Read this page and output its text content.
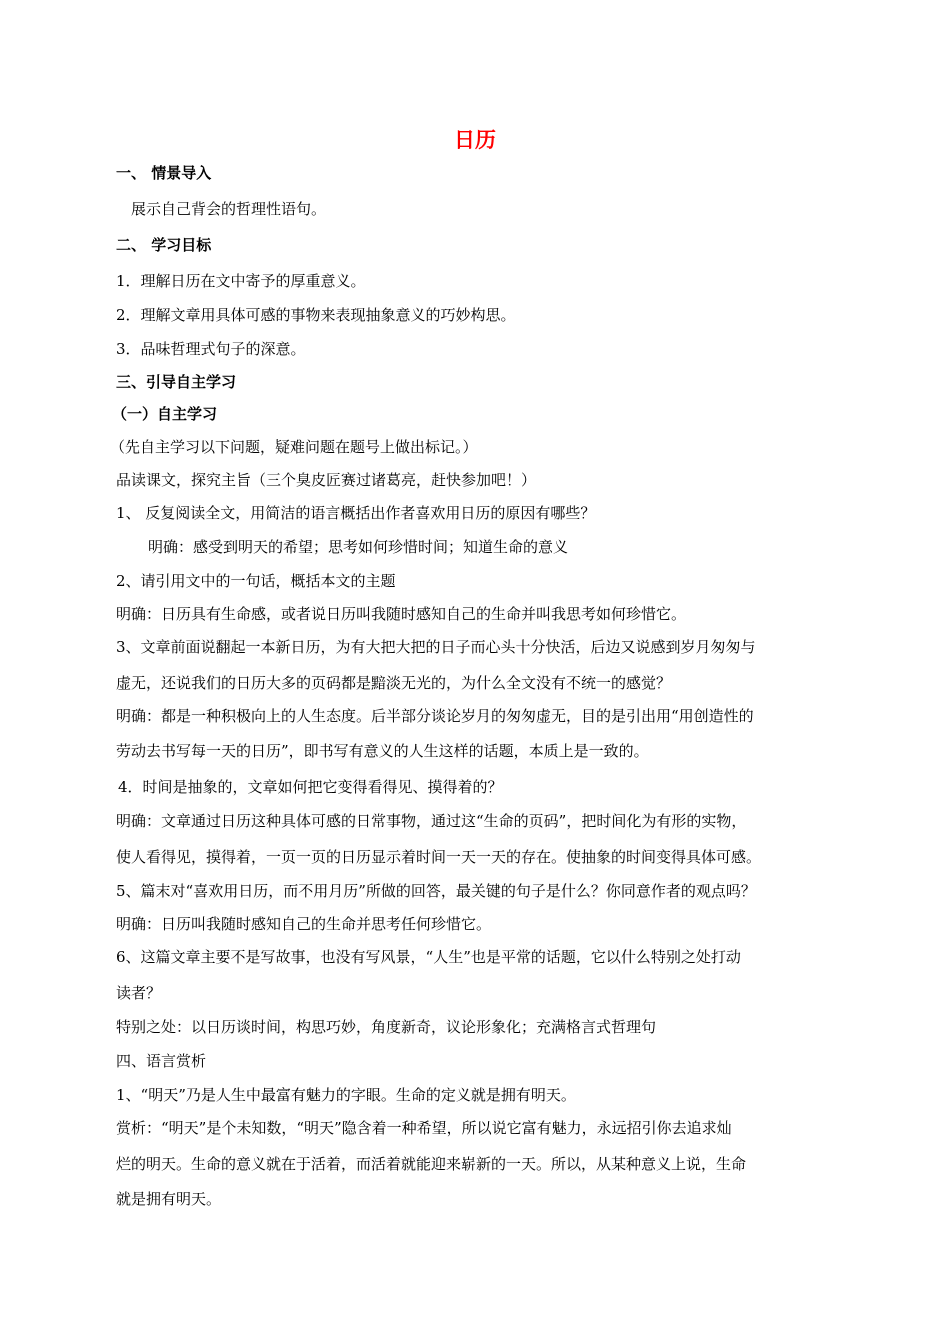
日历
一、 情景导入
展示自己背会的哲理性语句。
二、 学习目标
1．理解日历在文中寄予的厚重意义。
2．理解文章用具体可感的事物来表现抽象意义的巧妙构思。
3．品味哲理式句子的深意。
三、引导自主学习
（一）自主学习
（先自主学习以下问题，疑难问题在题号上做出标记。）
品读课文，探究主旨（三个臭皮匠赛过诸葛亮，赶快参加吧！）
1、 反复阅读全文，用简洁的语言概括出作者喜欢用日历的原因有哪些？
明确：感受到明天的希望；思考如何珍惜时间；知道生命的意义
2、请引用文中的一句话，概括本文的主题
明确：日历具有生命感，或者说日历叫我随时感知自己的生命并叫我思考如何珍惜它。
3、文章前面说翻起一本新日历，为有大把大把的日子而心头十分快活，后边又说感到岁月匆匆与
虚无，还说我们的日历大多的页码都是黯淡无光的，为什么全文没有不统一的感觉？
明确：都是一种积极向上的人生态度。后半部分谈论岁月的匆匆虚无，目的是引出用“用创造性的
劳动去书写每一天的日历”，即书写有意义的人生这样的话题，本质上是一致的。
4．时间是抽象的，文章如何把它变得看得见、摸得着的？
明确：文章通过日历这种具体可感的日常事物，通过这“生命的页码”，把时间化为有形的实物，
使人看得见，摸得着，一页一页的日历显示着时间一天一天的存在。使抽象的时间变得具体可感。
5、篇末对“喜欢用日历，而不用月历”所做的回答，最关键的句子是什么？你同意作者的观点吗？
明确：日历叫我随时感知自己的生命并思考任何珍惜它。
6、这篇文章主要不是写故事，也没有写风景，“人生”也是平常的话题，它以什么特别之处打动
读者？
特别之处：以日历谈时间，构思巧妙，角度新奇，议论形象化；充满格言式哲理句
四、语言赏析
1、“明天”乃是人生中最富有魅力的字眼。生命的定义就是拥有明天。
赏析：“明天”是个未知数，“明天”隐含着一种希望，所以说它富有魅力，永远招引你去追求灿
烂的明天。生命的意义就在于活着，而活着就能迎来崭新的一天。所以，从某种意义上说，生命
就是拥有明天。
